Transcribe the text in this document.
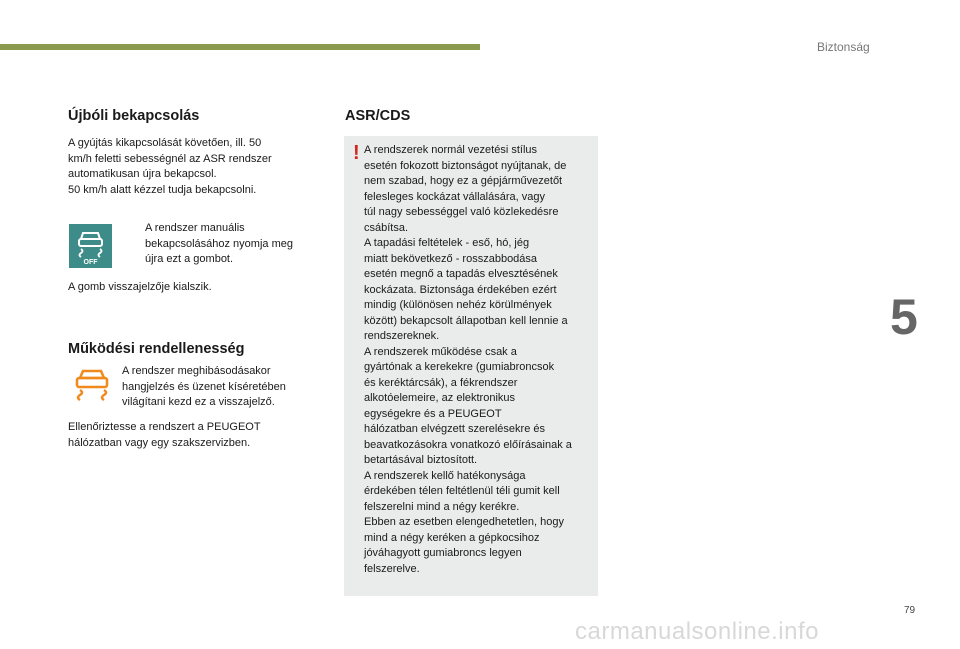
Biztonság
5
Újbóli bekapcsolás
A gyújtás kikapcsolását követően, ill. 50
km/h feletti sebességnél az ASR rendszer
automatikusan újra bekapcsol.
50 km/h alatt kézzel tudja bekapcsolni.
OFF
A rendszer manuális
bekapcsolásához nyomja meg
újra ezt a gombot.
A gomb visszajelzője kialszik.
Működési rendellenesség
A rendszer meghibásodásakor
hangjelzés és üzenet kíséretében
világítani kezd ez a visszajelző.
Ellenőriztesse a rendszert a PEUGEOT
hálózatban vagy egy szakszervizben.
ASR/CDS
! A rendszerek normál vezetési stílus
esetén fokozott biztonságot nyújtanak, de
nem szabad, hogy ez a gépjárművezetőt
felesleges kockázat vállalására, vagy
túl nagy sebességgel való közlekedésre
csábítsa.
A tapadási feltételek - eső, hó, jég
miatt bekövetkező - rosszabbodása
esetén megnő a tapadás elvesztésének
kockázata. Biztonsága érdekében ezért
mindig (különösen nehéz körülmények
között) bekapcsolt állapotban kell lennie a
rendszereknek.
A rendszerek működése csak a
gyártónak a kerekekre (gumiabroncsok
és keréktárcsák), a fékrendszer
alkotóelemeire, az elektronikus
egységekre és a PEUGEOT
hálózatban elvégzett szerelésekre és
beavatkozásokra vonatkozó előírásainak a
betartásával biztosított.
A rendszerek kellő hatékonysága
érdekében télen feltétlenül téli gumit kell
felszerelni mind a négy kerékre.
Ebben az esetben elengedhetetlen, hogy
mind a négy keréken a gépkocsihoz
jóváhagyott gumiabroncs legyen
felszerelve.
79
carmanualsonline.info
